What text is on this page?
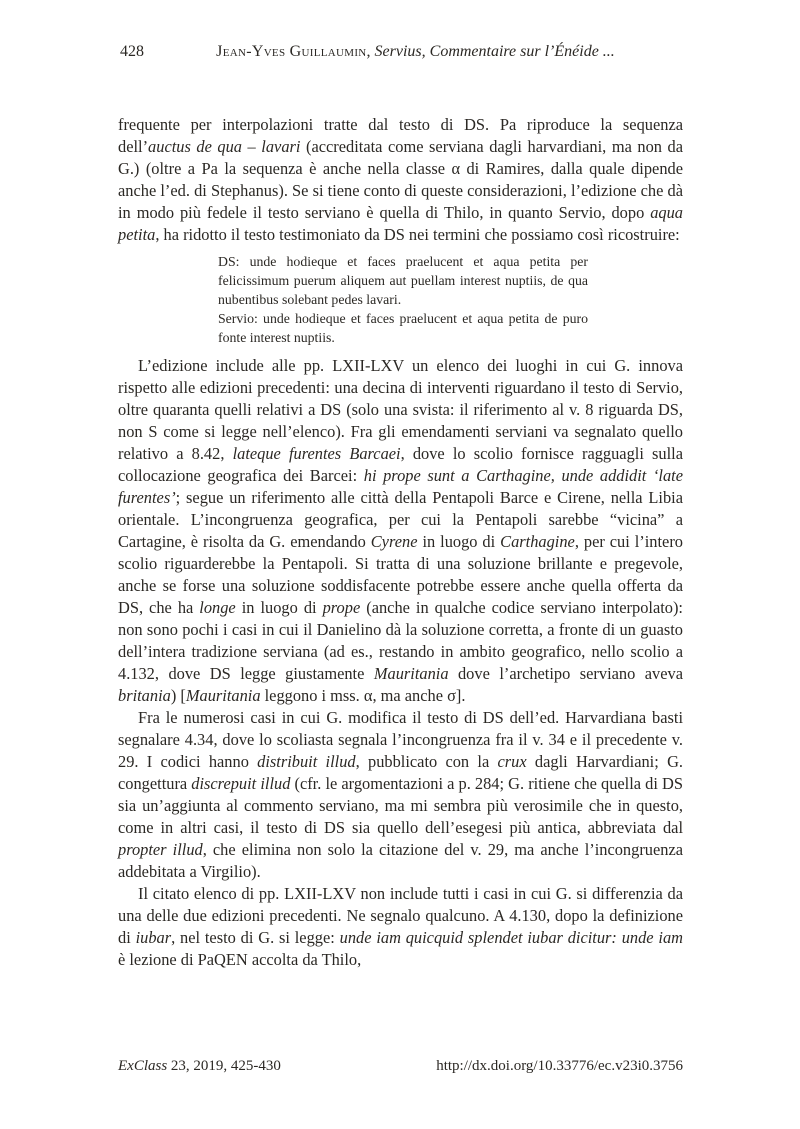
428	Jean-Yves Guillaumin, Servius, Commentaire sur l’Énéide ...

frequente per interpolazioni tratte dal testo di DS. Pa riproduce la sequenza dell’auctus de qua – lavari (accreditata come serviana dagli harvardiani, ma non da G.) (oltre a Pa la sequenza è anche nella classe α di Ramires, dalla quale dipende anche l’ed. di Stephanus). Se si tiene conto di queste considerazioni, l’edizione che dà in modo più fedele il testo serviano è quella di Thilo, in quanto Servio, dopo aqua petita, ha ridotto il testo testimoniato da DS nei termini che possiamo così ricostruire:

DS: unde hodieque et faces praelucent et aqua petita per felicissimum puerum aliquem aut puellam interest nuptiis, de qua nubentibus solebant pedes lavari.

Servio: unde hodieque et faces praelucent et aqua petita de puro fonte interest nuptiis.

L’edizione include alle pp. LXII-LXV un elenco dei luoghi in cui G. innova rispetto alle edizioni precedenti: una decina di interventi riguardano il testo di Servio, oltre quaranta quelli relativi a DS (solo una svista: il riferimento al v. 8 riguarda DS, non S come si legge nell’elenco). Fra gli emendamenti serviani va segnalato quello relativo a 8.42, lateque furentes Barcaei, dove lo scolio fornisce ragguagli sulla collocazione geografica dei Barcei: hi prope sunt a Carthagine, unde addidit ‘late furentes’; segue un riferimento alle città della Pentapoli Barce e Cirene, nella Libia orientale. L’incongruenza geografica, per cui la Pentapoli sarebbe “vicina” a Cartagine, è risolta da G. emendando Cyrene in luogo di Carthagine, per cui l’intero scolio riguarderebbe la Pentapoli. Si tratta di una soluzione brillante e pregevole, anche se forse una soluzione soddisfacente potrebbe essere anche quella offerta da DS, che ha longe in luogo di prope (anche in qualche codice serviano interpolato): non sono pochi i casi in cui il Danielino dà la soluzione corretta, a fronte di un guasto dell’intera tradizione serviana (ad es., restando in ambito geografico, nello scolio a 4.132, dove DS legge giustamente Mauritania dove l’archetipo serviano aveva britania) [Mauritania leggono i mss. α, ma anche σ].

Fra le numerosi casi in cui G. modifica il testo di DS dell’ed. Harvardiana basti segnalare 4.34, dove lo scoliasta segnala l’incongruenza fra il v. 34 e il precedente v. 29. I codici hanno distribuit illud, pubblicato con la crux dagli Harvardiani; G. congettura discrepuit illud (cfr. le argomentazioni a p. 284; G. ritiene che quella di DS sia un’aggiunta al commento serviano, ma mi sembra più verosimile che in questo, come in altri casi, il testo di DS sia quello dell’esegesi più antica, abbreviata dal propter illud, che elimina non solo la citazione del v. 29, ma anche l’incongruenza addebitata a Virgilio).

Il citato elenco di pp. LXII-LXV non include tutti i casi in cui G. si differenzia da una delle due edizioni precedenti. Ne segnalo qualcuno. A 4.130, dopo la definizione di iubar, nel testo di G. si legge: unde iam quicquid splendet iubar dicitur: unde iam è lezione di PaQEN accolta da Thilo,

ExClass 23, 2019, 425-430	http://dx.doi.org/10.33776/ec.v23i0.3756
